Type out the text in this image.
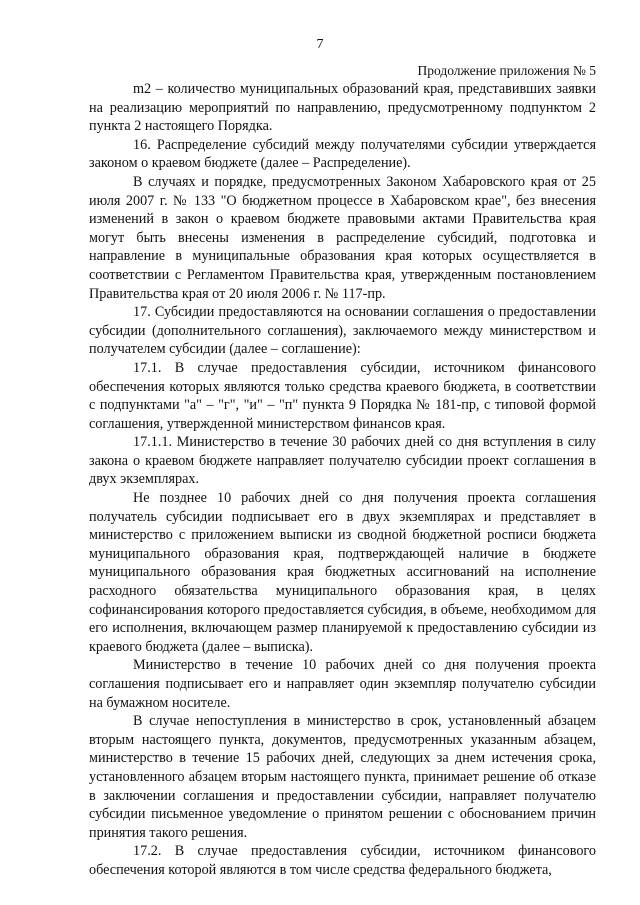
7
Продолжение приложения № 5

m2 – количество муниципальных образований края, представивших заявки на реализацию мероприятий по направлению, предусмотренному подпунктом 2 пункта 2 настоящего Порядка.

16. Распределение субсидий между получателями субсидии утверждается законом о краевом бюджете (далее – Распределение).

В случаях и порядке, предусмотренных Законом Хабаровского края от 25 июля 2007 г. № 133 "О бюджетном процессе в Хабаровском крае", без внесения изменений в закон о краевом бюджете правовыми актами Правительства края могут быть внесены изменения в распределение субсидий, подготовка и направление в муниципальные образования края которых осуществляется в соответствии с Регламентом Правительства края, утвержденным постановлением Правительства края от 20 июля 2006 г. № 117-пр.

17. Субсидии предоставляются на основании соглашения о предоставлении субсидии (дополнительного соглашения), заключаемого между министерством и получателем субсидии (далее – соглашение):

17.1. В случае предоставления субсидии, источником финансового обеспечения которых являются только средства краевого бюджета, в соответствии с подпунктами "а" – "г", "и" – "п" пункта 9 Порядка № 181-пр, с типовой формой соглашения, утвержденной министерством финансов края.

17.1.1. Министерство в течение 30 рабочих дней со дня вступления в силу закона о краевом бюджете направляет получателю субсидии проект соглашения в двух экземплярах.

Не позднее 10 рабочих дней со дня получения проекта соглашения получатель субсидии подписывает его в двух экземплярах и представляет в министерство с приложением выписки из сводной бюджетной росписи бюджета муниципального образования края, подтверждающей наличие в бюджете муниципального образования края бюджетных ассигнований на исполнение расходного обязательства муниципального образования края, в целях софинансирования которого предоставляется субсидия, в объеме, необходимом для его исполнения, включающем размер планируемой к предоставлению субсидии из краевого бюджета (далее – выписка).

Министерство в течение 10 рабочих дней со дня получения проекта соглашения подписывает его и направляет один экземпляр получателю субсидии на бумажном носителе.

В случае непоступления в министерство в срок, установленный абзацем вторым настоящего пункта, документов, предусмотренных указанным абзацем, министерство в течение 15 рабочих дней, следующих за днем истечения срока, установленного абзацем вторым настоящего пункта, принимает решение об отказе в заключении соглашения и предоставлении субсидии, направляет получателю субсидии письменное уведомление о принятом решении с обоснованием причин принятия такого решения.

17.2. В случае предоставления субсидии, источником финансового обеспечения которой являются в том числе средства федерального бюджета,
